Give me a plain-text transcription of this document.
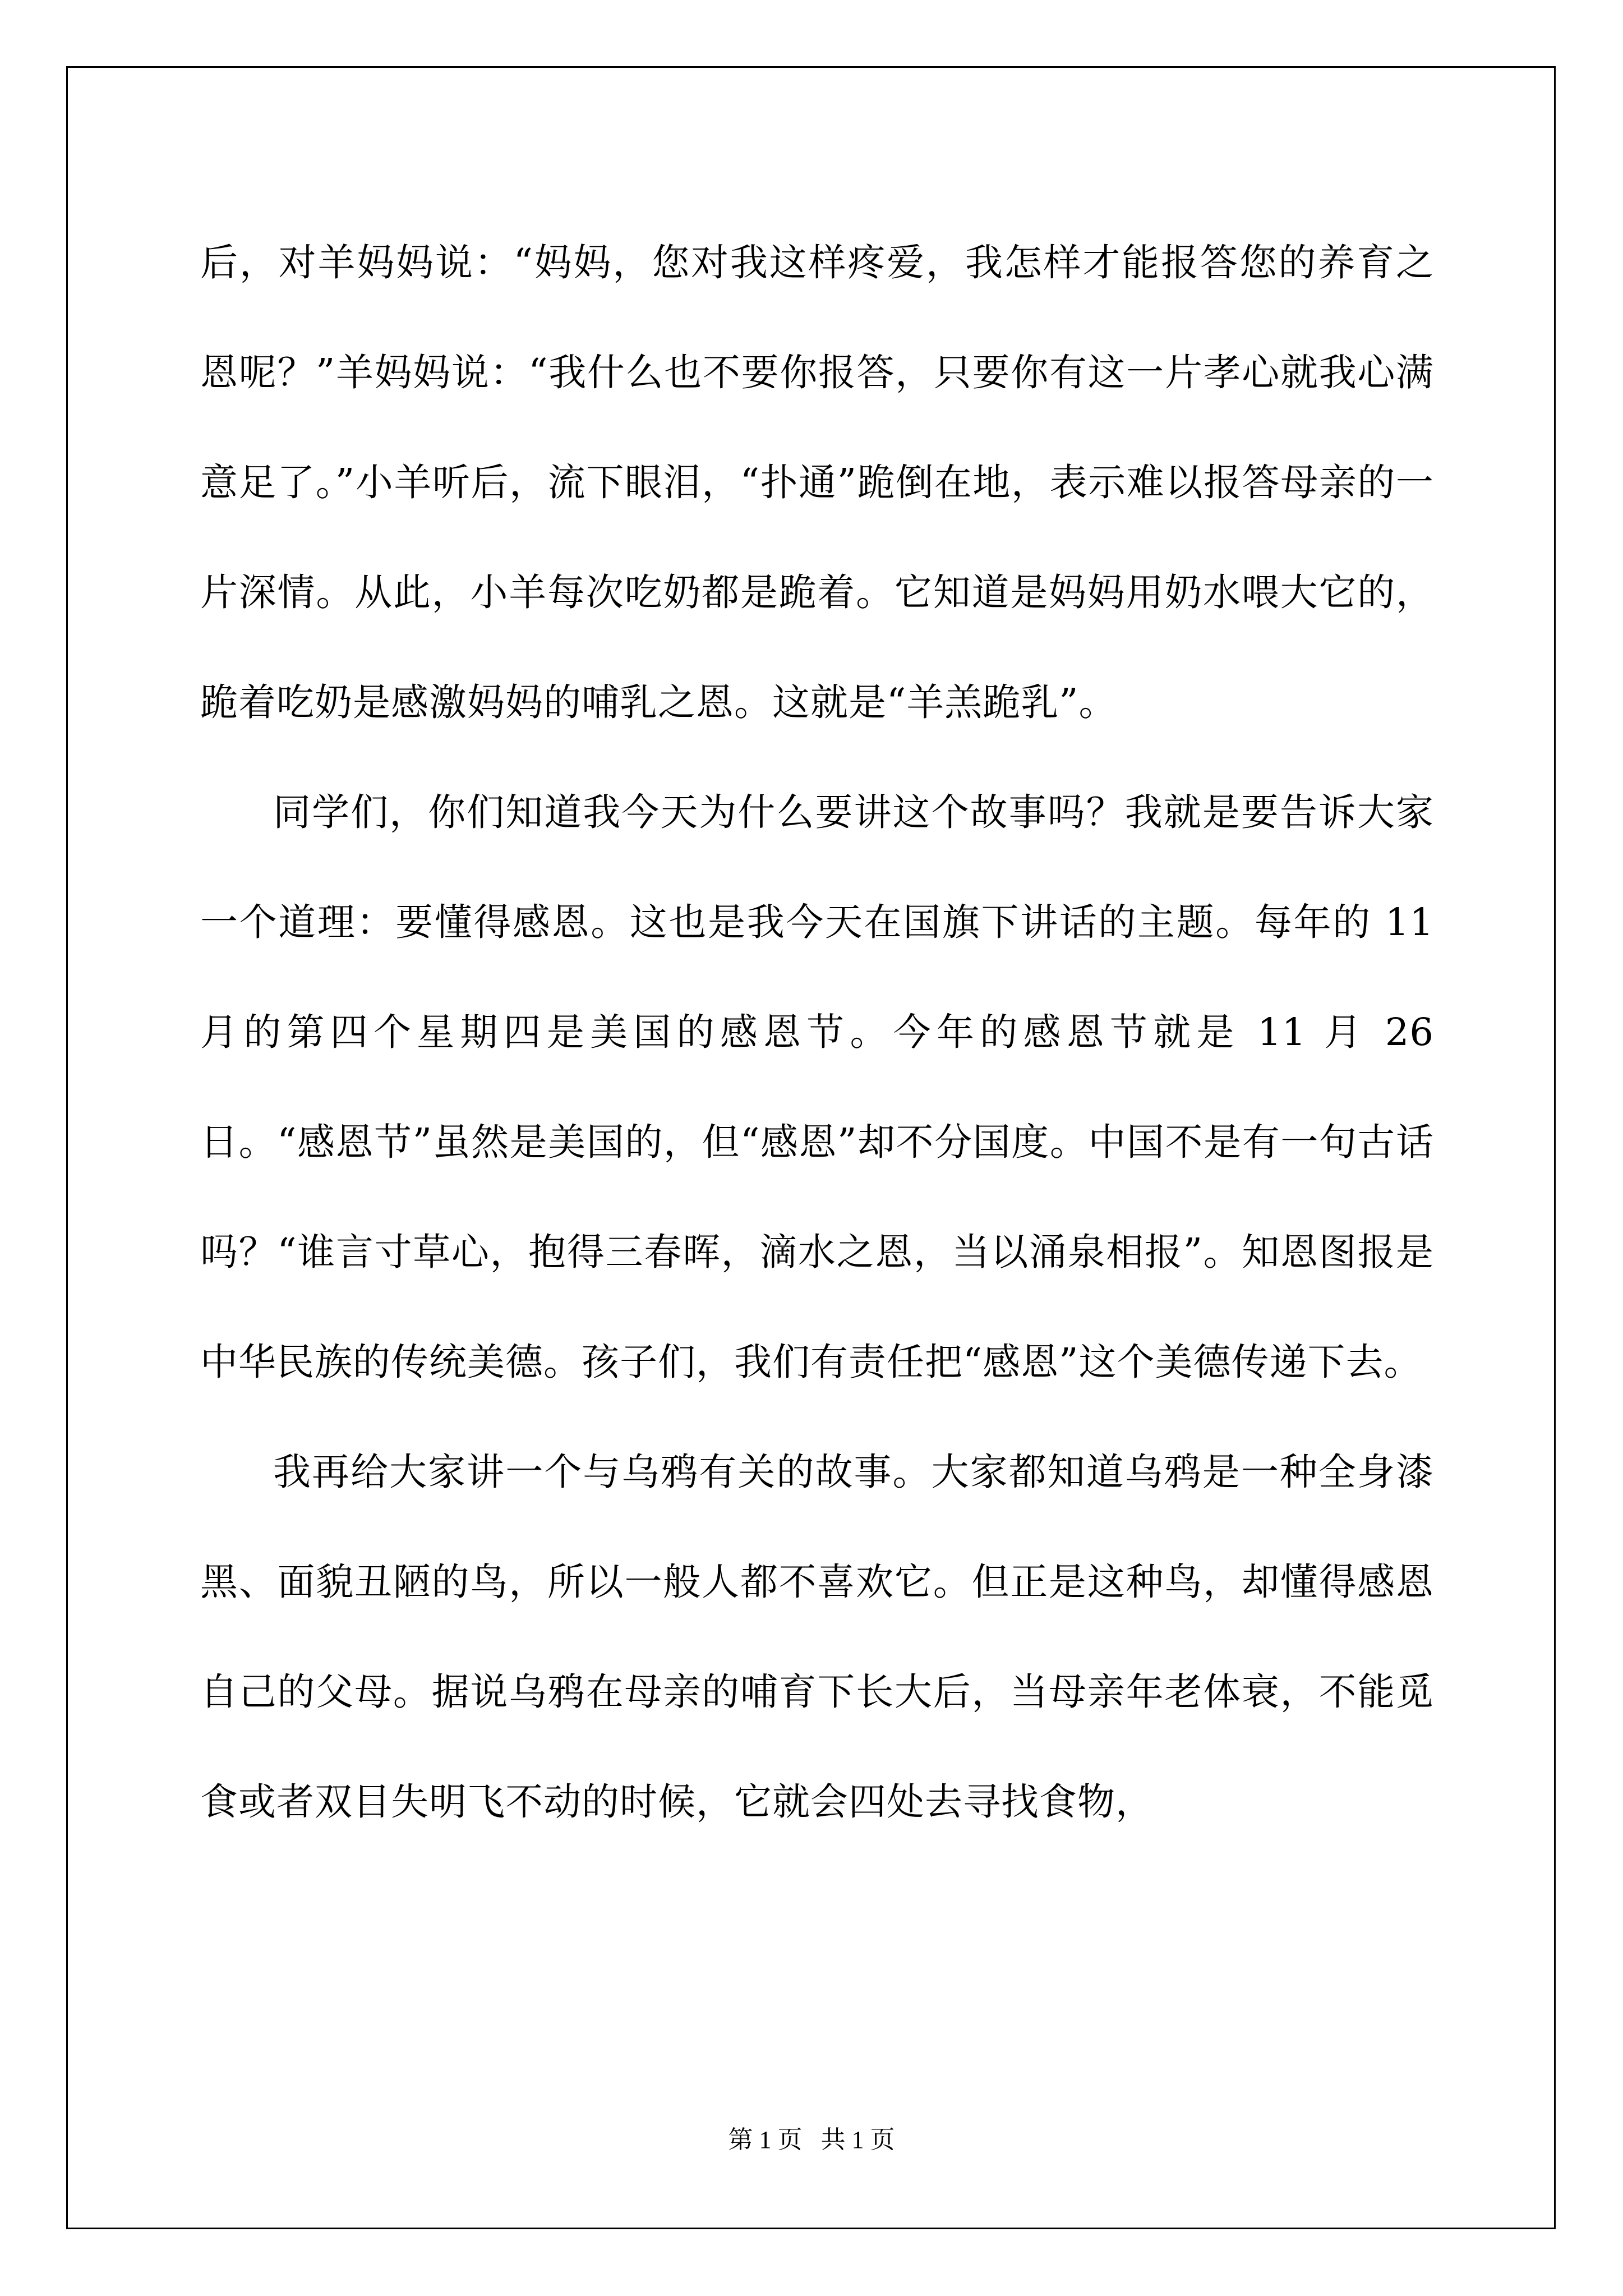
后，对羊妈妈说：“妈妈，您对我这样疼爱，我怎样才能报答您的养育之恩呢？”羊妈妈说：“我什么也不要你报答，只要你有这一片孝心就我心满意足了。”小羊听后，流下眼泪，“扑通”跪倒在地，表示难以报答母亲的一片深情。从此，小羊每次吃奶都是跪着。它知道是妈妈用奶水喂大它的，跪着吃奶是感激妈妈的哺乳之恩。这就是“羊羔跪乳”。

同学们，你们知道我今天为什么要讲这个故事吗？我就是要告诉大家一个道理：要懂得感恩。这也是我今天在国旗下讲话的主题。每年的 11 月的第四个星期四是美国的感恩节。今年的感恩节就是 11 月 26 日。“感恩节”虽然是美国的，但“感恩”却不分国度。中国不是有一句古话吗？“谁言寸草心，抱得三春晖，滴水之恩，当以涌泉相报”。知恩图报是中华民族的传统美德。孩子们，我们有责任把“感恩”这个美德传递下去。

我再给大家讲一个与乌鸦有关的故事。大家都知道乌鸦是一种全身漆黑、面貌丑陋的鸟，所以一般人都不喜欢它。但正是这种鸟，却懂得感恩自己的父母。据说乌鸦在母亲的哺育下长大后，当母亲年老体衰，不能觅食或者双目失明飞不动的时候，它就会四处去寻找食物，

第 1 页   共 1 页
